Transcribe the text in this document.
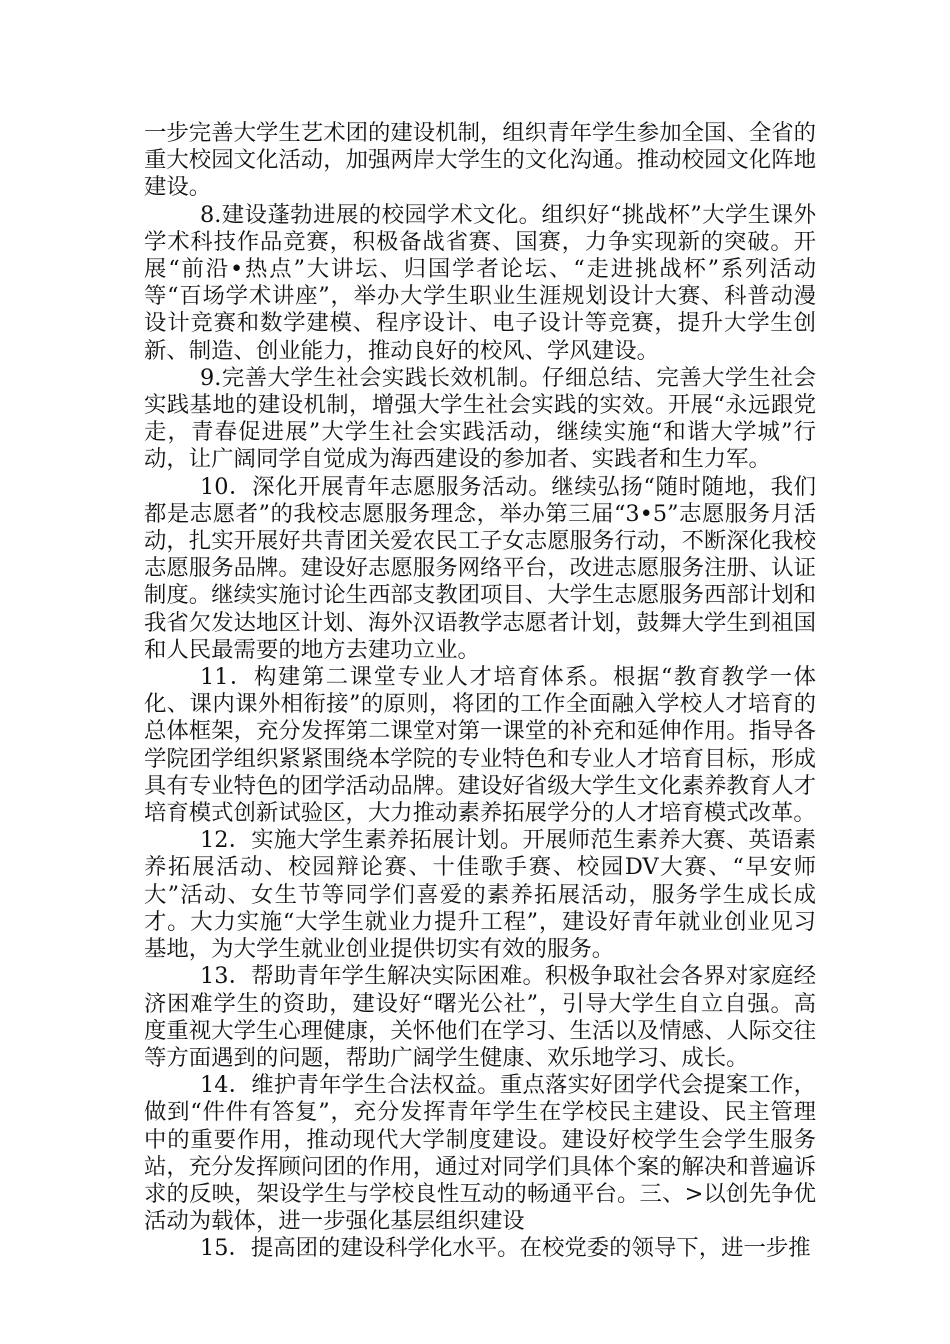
一步完善大学生艺术团的建设机制，组织青年学生参加全国、全省的重大校园文化活动，加强两岸大学生的文化沟通。推动校园文化阵地建设。

8.建设蓬勃进展的校园学术文化。组织好“挑战杯”大学生课外学术科技作品竞赛，积极备战省赛、国赛，力争实现新的突破。开展“前沿•热点”大讲坛、归国学者论坛、“走进挑战杯”系列活动等“百场学术讲座”，举办大学生职业生涯规划设计大赛、科普动漫设计竞赛和数学建模、程序设计、电子设计等竞赛，提升大学生创新、制造、创业能力，推动良好的校风、学风建设。

9.完善大学生社会实践长效机制。仔细总结、完善大学生社会实践基地的建设机制，增强大学生社会实践的实效。开展“永远跟党走，青春促进展”大学生社会实践活动，继续实施“和谐大学城”行动，让广阔同学自觉成为海西建设的参加者、实践者和生力军。

10．深化开展青年志愿服务活动。继续弘扬“随时随地，我们都是志愿者”的我校志愿服务理念，举办第三届“3•5”志愿服务月活动，扎实开展好共青团关爱农民工子女志愿服务行动，不断深化我校志愿服务品牌。建设好志愿服务网络平台，改进志愿服务注册、认证制度。继续实施讨论生西部支教团项目、大学生志愿服务西部计划和我省欠发达地区计划、海外汉语教学志愿者计划，鼓舞大学生到祖国和人民最需要的地方去建功立业。

11．构建第二课堂专业人才培育体系。根据“教育教学一体化、课内课外相衔接”的原则，将团的工作全面融入学校人才培育的总体框架，充分发挥第二课堂对第一课堂的补充和延伸作用。指导各学院团学组织紧紧围绕本学院的专业特色和专业人才培育目标，形成具有专业特色的团学活动品牌。建设好省级大学生文化素养教育人才培育模式创新试验区，大力推动素养拓展学分的人才培育模式改革。

12．实施大学生素养拓展计划。开展师范生素养大赛、英语素养拓展活动、校园辩论赛、十佳歌手赛、校园DV大赛、“早安师大”活动、女生节等同学们喜爱的素养拓展活动，服务学生成长成才。大力实施“大学生就业力提升工程”，建设好青年就业创业见习基地，为大学生就业创业提供切实有效的服务。

13．帮助青年学生解决实际困难。积极争取社会各界对家庭经济困难学生的资助，建设好“曙光公社”，引导大学生自立自强。高度重视大学生心理健康，关怀他们在学习、生活以及情感、人际交往等方面遇到的问题，帮助广阔学生健康、欢乐地学习、成长。

14．维护青年学生合法权益。重点落实好团学代会提案工作，做到“件件有答复”，充分发挥青年学生在学校民主建设、民主管理中的重要作用，推动现代大学制度建设。建设好校学生会学生服务站，充分发挥顾问团的作用，通过对同学们具体个案的解决和普遍诉求的反映，架设学生与学校良性互动的畅通平台。三、>以创先争优活动为载体，进一步强化基层组织建设

15．提高团的建设科学化水平。在校党委的领导下，进一步推
